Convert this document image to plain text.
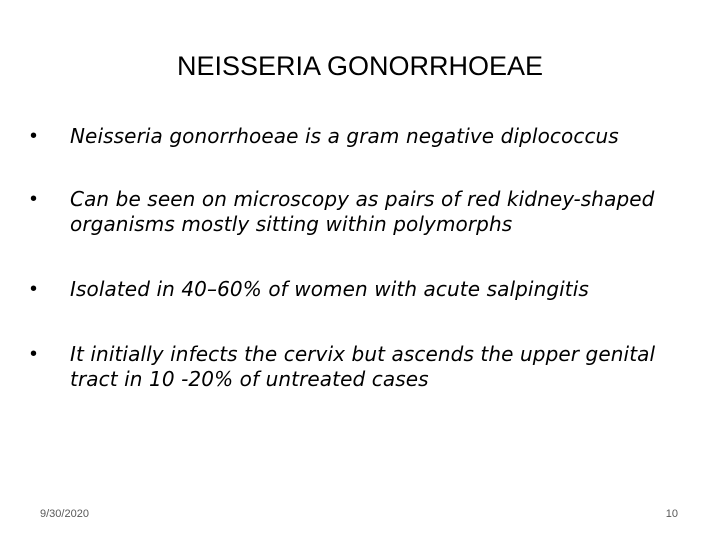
NEISSERIA GONORRHOEAE
• Neisseria gonorrhoeae is a gram negative diplococcus
• Can be seen on microscopy as pairs of red kidney-shaped organisms mostly sitting within polymorphs
• Isolated in 40–60% of women with acute salpingitis
• It initially infects the cervix but ascends the upper genital tract in 10 -20% of untreated cases
9/30/2020	10
